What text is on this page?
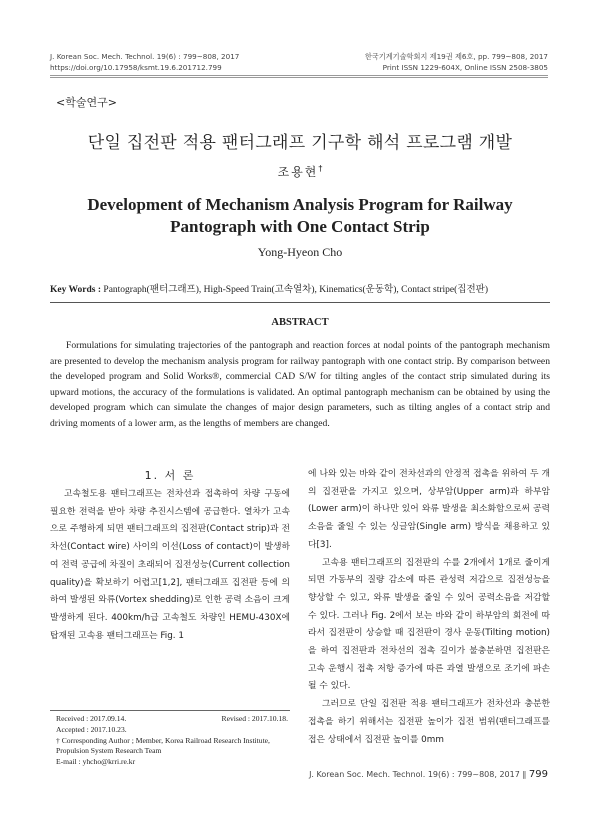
J. Korean Soc. Mech. Technol. 19(6) : 799~808, 2017
https://doi.org/10.17958/ksmt.19.6.201712.799
한국기계기술학회지 제19권 제6호, pp. 799~808, 2017
Print ISSN 1229-604X, Online ISSN 2508-3805
<학술연구>
단일 집전판 적용 팬터그래프 기구학 해석 프로그램 개발
조용현†
Development of Mechanism Analysis Program for Railway
Pantograph with One Contact Strip
Yong-Hyeon Cho
Key Words : Pantograph(팬터그래프), High-Speed Train(고속열차), Kinematics(운동학), Contact stripe(집전판)
ABSTRACT

Formulations for simulating trajectories of the pantograph and reaction forces at nodal points of the pantograph mechanism are presented to develop the mechanism analysis program for railway pantograph with one contact strip. By comparison between the developed program and Solid Works®, commercial CAD S/W for tilting angles of the contact strip simulated during its upward motions, the accuracy of the formulations is validated. An optimal pantograph mechanism can be obtained by using the developed program which can simulate the changes of major design parameters, such as tilting angles of a contact strip and driving moments of a lower arm, as the lengths of members are changed.

1. 서 론

고속철도용 팬터그래프는 전차선과 접촉하여 차량 구동에 필요한 전력을 받아 차량 추진시스템에 공급한다. 열차가 고속으로 주행하게 되면 팬터그래프의 집전판(Contact strip)과 전차선(Contact wire) 사이의 이선(Loss of contact)이 발생하여 전력 공급에 차질이 초래되어 집전성능(Current collection quality)을 확보하기 어렵고[1,2], 팬터그래프 집전판 등에 의하여 발생된 와류(Vortex shedding)로 인한 공력 소음이 크게 발생하게 된다. 400km/h급 고속철도 차량인 HEMU-430X에 탑재된 고속용 팬터그래프는 Fig. 1

에 나와 있는 바와 같이 전차선과의 안정적 접촉을 위하여 두 개의 집전판을 가지고 있으며, 상부암(Upper arm)과 하부암(Lower arm)이 하나만 있어 와류 발생을 최소화함으로써 공력소음을 줄일 수 있는 싱글암(Single arm) 방식을 채용하고 있다[3].

고속용 팬터그래프의 집전판의 수를 2개에서 1개로 줄이게 되면 가동부의 질량 감소에 따른 관성력 저감으로 집전성능을 향상할 수 있고, 와류 발생을 줄일 수 있어 공력소음을 저감할 수 있다. 그러나 Fig. 2에서 보는 바와 같이 하부암의 회전에 따라서 집전판이 상승할 때 집전판이 경사 운동(Tilting motion)을 하여 집전판과 전차선의 접촉 길이가 불충분하면 집전판은 고속 운행시 접촉 저항 증가에 따른 과열 발생으로 조기에 파손될 수 있다.

그러므로 단일 집전판 적용 팬터그래프가 전차선과 충분한 접촉을 하기 위해서는 집전판 높이가 집전 범위(팬터그래프를 접은 상태에서 집전판 높이를 0mm

Received : 2017.09.14.	Revised : 2017.10.18.
Accepted : 2017.10.23.
† Corresponding Author ; Member, Korea Railroad Research Institute, Propulsion System Research Team
E-mail : yhcho@krri.re.kr
J. Korean Soc. Mech. Technol. 19(6) : 799~808, 2017 ∥ 799
